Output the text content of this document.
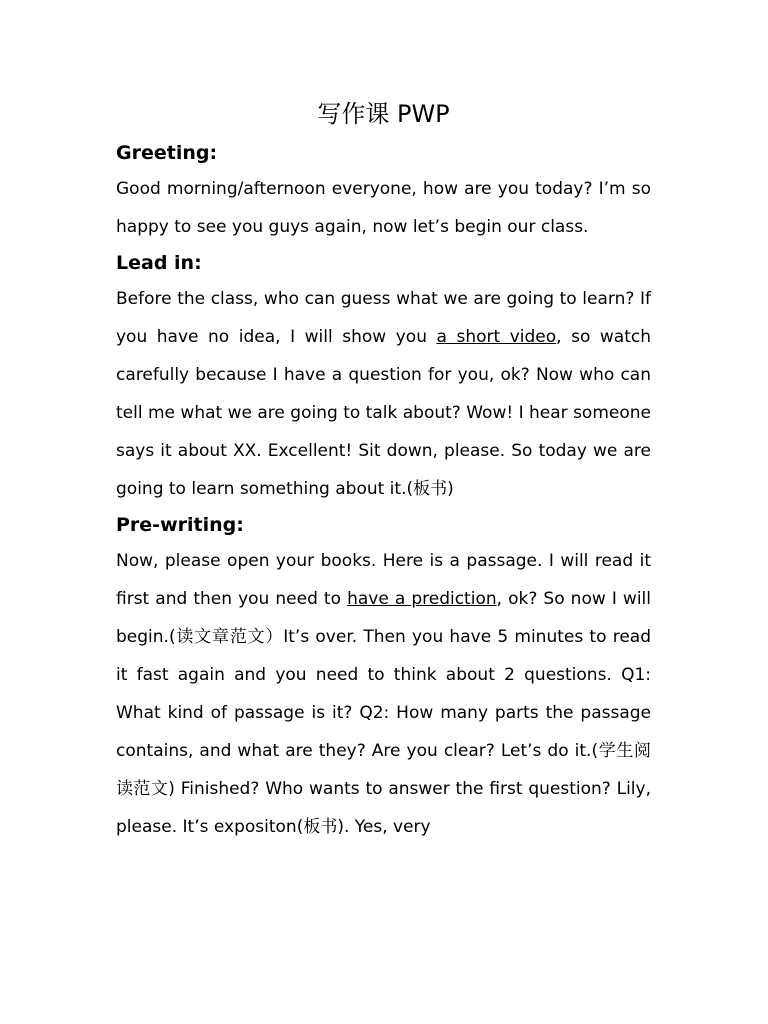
写作课 PWP
Greeting:

Good morning/afternoon everyone, how are you today? I’m so happy to see you guys again, now let’s begin our class.

Lead in:

Before the class, who can guess what we are going to learn? If you have no idea, I will show you a short video, so watch carefully because I have a question for you, ok? Now who can tell me what we are going to talk about? Wow! I hear someone says it about XX. Excellent! Sit down, please. So today we are going to learn something about it.(板书)

Pre-writing:

Now, please open your books. Here is a passage. I will read it first and then you need to have a prediction, ok? So now I will begin.(读文章范文）It’s over. Then you have 5 minutes to read it fast again and you need to think about 2 questions. Q1: What kind of passage is it? Q2: How many parts the passage contains, and what are they? Are you clear? Let’s do it.(学生阅读范文) Finished? Who wants to answer the first question? Lily, please. It’s expositon(板书). Yes, very
